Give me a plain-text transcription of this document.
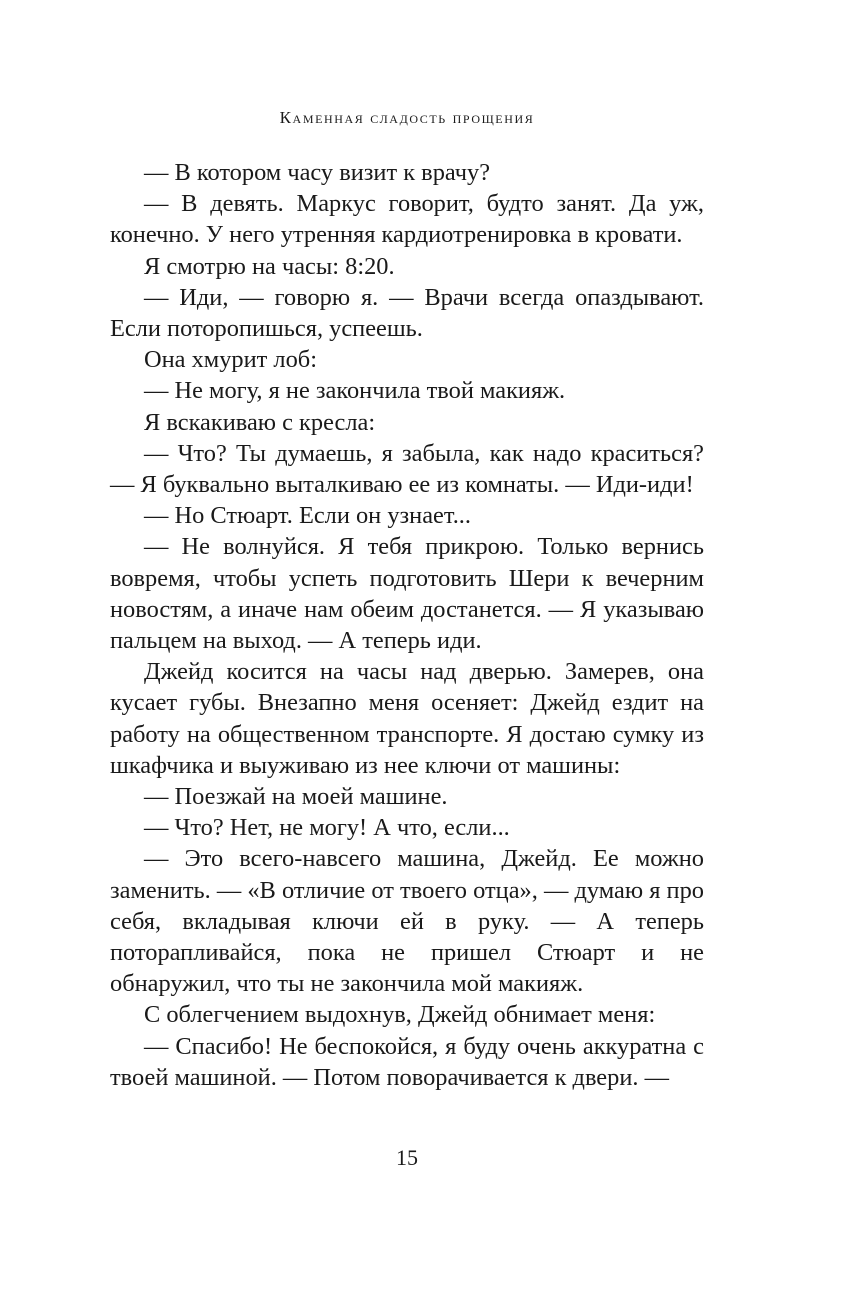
Каменная сладость прощения

— В котором часу визит к врачу?

— В девять. Маркус говорит, будто занят. Да уж, конечно. У него утренняя кардиотренировка в кровати.

Я смотрю на часы: 8:20.

— Иди, — говорю я. — Врачи всегда опаздывают. Если поторопишься, успеешь.

Она хмурит лоб:

— Не могу, я не закончила твой макияж.

Я вскакиваю с кресла:

— Что? Ты думаешь, я забыла, как надо краситься? — Я буквально выталкиваю ее из комнаты. — Иди-иди!

— Но Стюарт. Если он узнает...

— Не волнуйся. Я тебя прикрою. Только вернись вовремя, чтобы успеть подготовить Шери к вечерним новостям, а иначе нам обеим достанется. — Я указываю пальцем на выход. — А теперь иди.

Джейд косится на часы над дверью. Замерев, она кусает губы. Внезапно меня осеняет: Джейд ездит на работу на общественном транспорте. Я достаю сумку из шкафчика и выуживаю из нее ключи от машины:

— Поезжай на моей машине.

— Что? Нет, не могу! А что, если...

— Это всего-навсего машина, Джейд. Ее можно заменить. — «В отличие от твоего отца», — думаю я про себя, вкладывая ключи ей в руку. — А теперь поторапливайся, пока не пришел Стюарт и не обнаружил, что ты не закончила мой макияж.

С облегчением выдохнув, Джейд обнимает меня:

— Спасибо! Не беспокойся, я буду очень аккуратна с твоей машиной. — Потом поворачивается к двери. —

15
